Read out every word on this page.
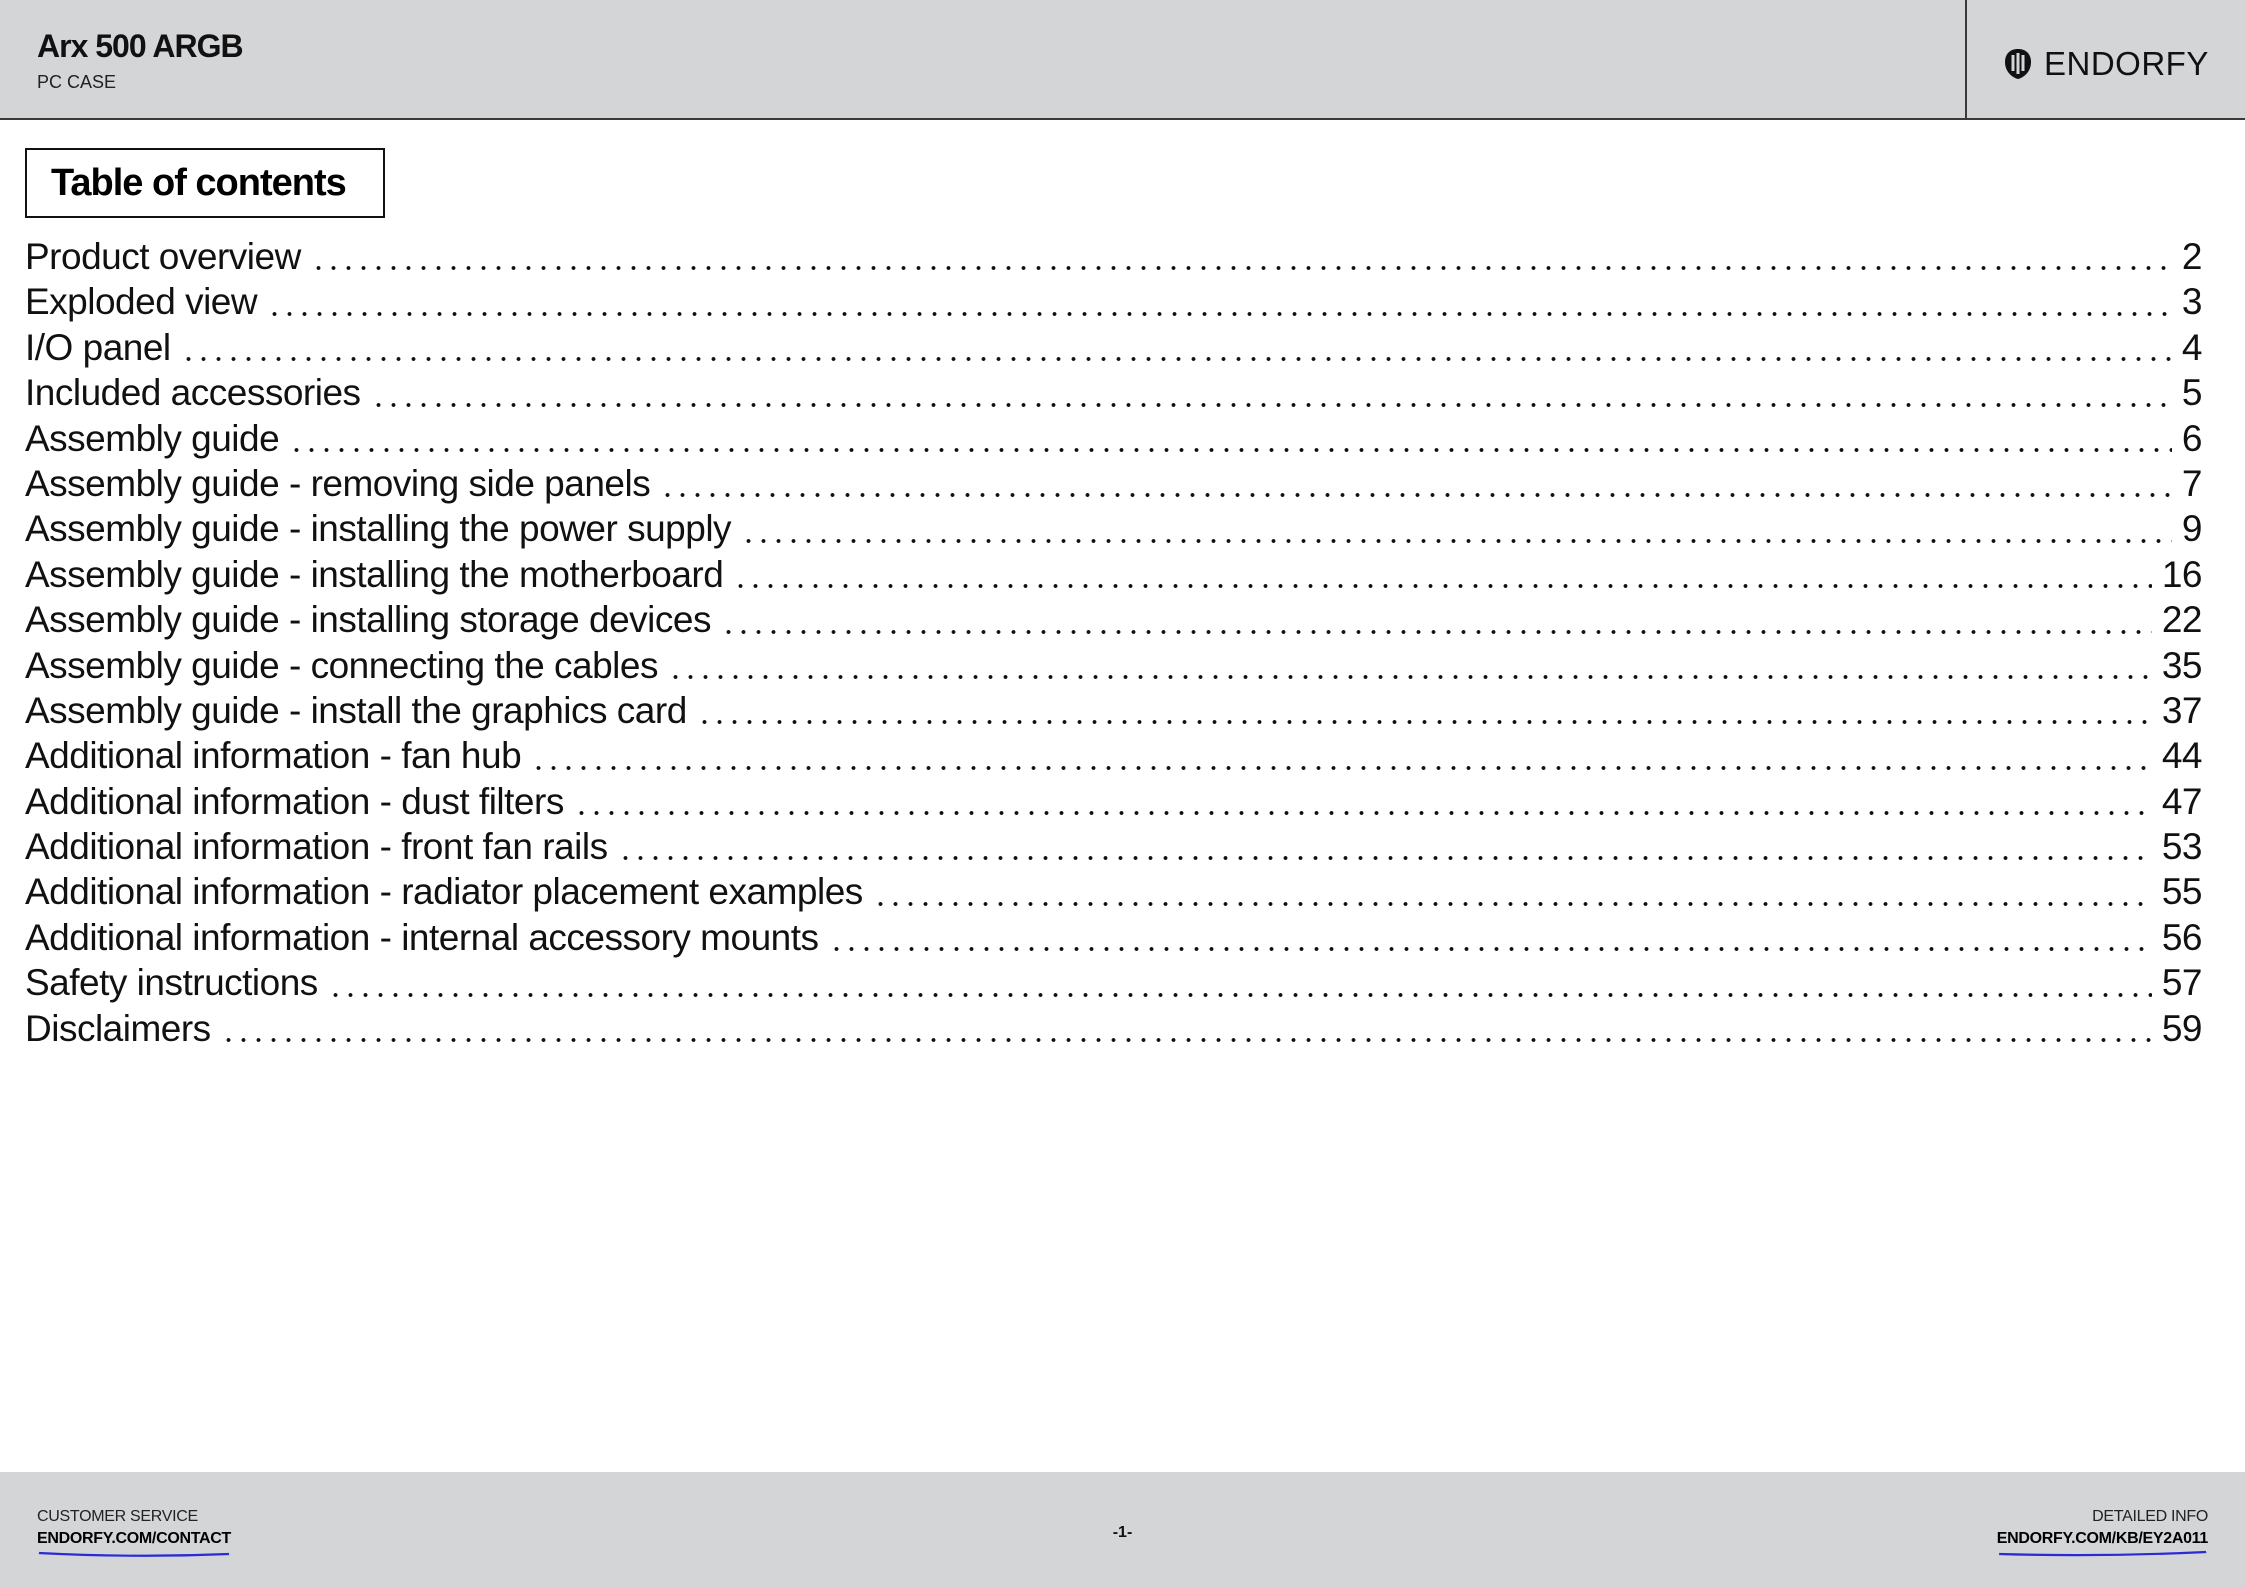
Arx 500 ARGB
PC CASE	ENDORFY
Table of contents
Product overview	2
Exploded view	3
I/O panel	4
Included accessories	5
Assembly guide	6
Assembly guide - removing side panels	7
Assembly guide - installing the power supply	9
Assembly guide - installing the motherboard	16
Assembly guide - installing storage devices	22
Assembly guide - connecting the cables	35
Assembly guide - install the graphics card	37
Additional information - fan hub	44
Additional information - dust filters	47
Additional information - front fan rails	53
Additional information - radiator placement examples	55
Additional information - internal accessory mounts	56
Safety instructions	57
Disclaimers	59
CUSTOMER SERVICE
ENDORFY.COM/CONTACT	-1-
DETAILED INFO
ENDORFY.COM/KB/EY2A011
